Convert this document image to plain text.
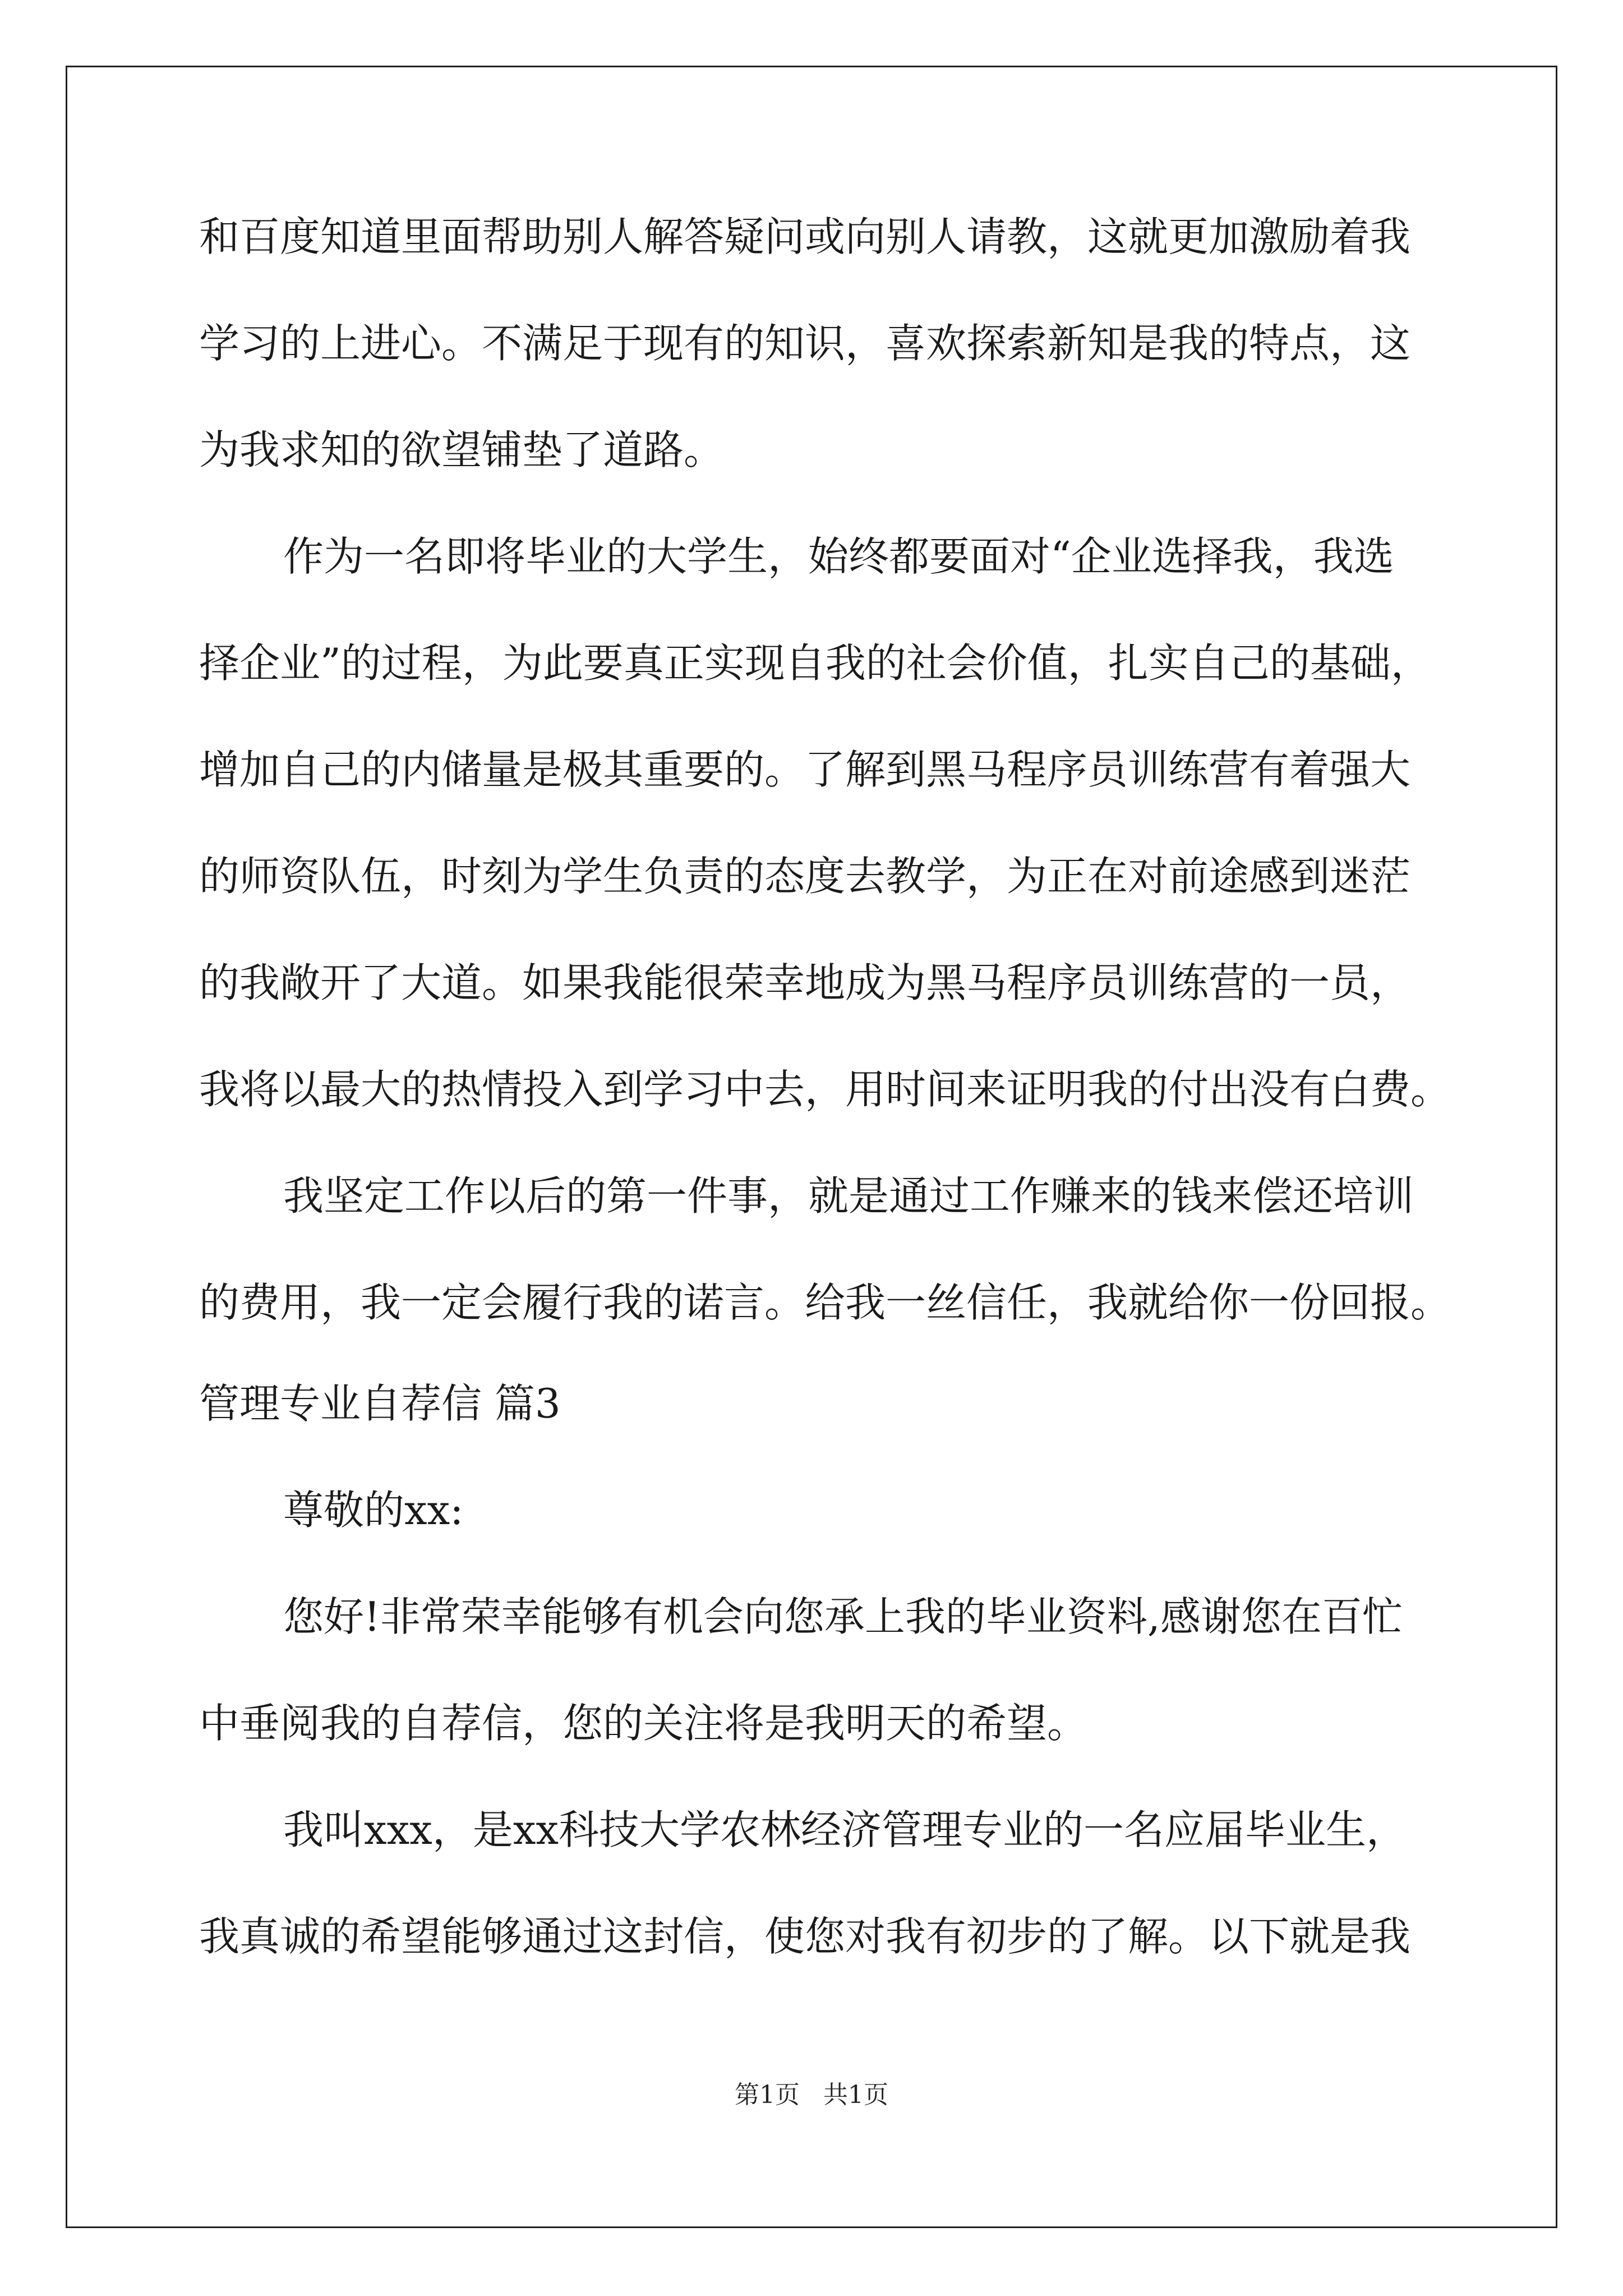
和百度知道里面帮助别人解答疑问或向别人请教，这就更加激励着我
学习的上进心。不满足于现有的知识，喜欢探索新知是我的特点，这
为我求知的欲望铺垫了道路。
作为一名即将毕业的大学生，始终都要面对“企业选择我，我选
择企业”的过程，为此要真正实现自我的社会价值，扎实自己的基础，
增加自己的内储量是极其重要的。了解到黑马程序员训练营有着强大
的师资队伍，时刻为学生负责的态度去教学，为正在对前途感到迷茫
的我敞开了大道。如果我能很荣幸地成为黑马程序员训练营的一员，
我将以最大的热情投入到学习中去，用时间来证明我的付出没有白费。
我坚定工作以后的第一件事，就是通过工作赚来的钱来偿还培训
的费用，我一定会履行我的诺言。给我一丝信任，我就给你一份回报。
管理专业自荐信 篇3
尊敬的xx:
您好!非常荣幸能够有机会向您承上我的毕业资料,感谢您在百忙
中垂阅我的自荐信，您的关注将是我明天的希望。
我叫xxx，是xx科技大学农林经济管理专业的一名应届毕业生，
我真诚的希望能够通过这封信，使您对我有初步的了解。以下就是我
第1页   共1页
